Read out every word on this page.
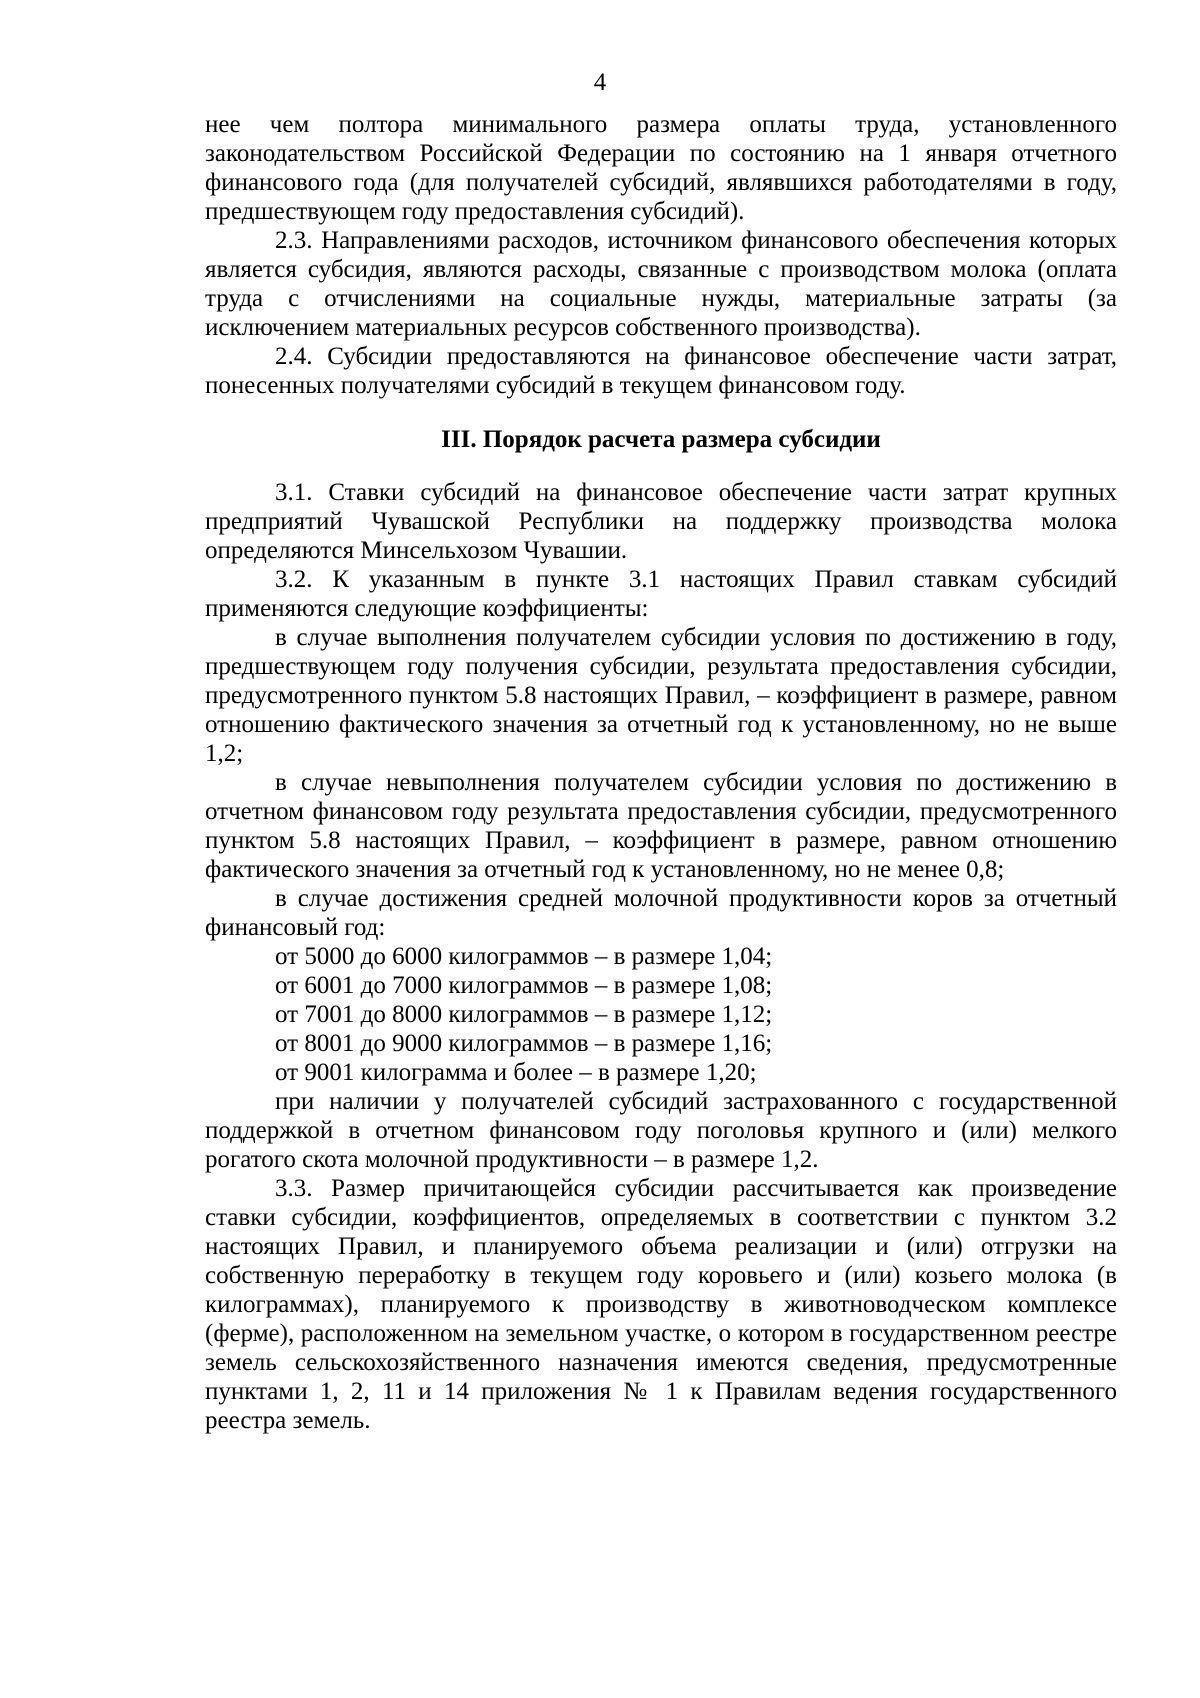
4

нее чем полтора минимального размера оплаты труда, установленного законодательством Российской Федерации по состоянию на 1 января отчетного финансового года (для получателей субсидий, являвшихся работодателями в году, предшествующем году предоставления субсидий).

2.3. Направлениями расходов, источником финансового обеспечения которых является субсидия, являются расходы, связанные с производством молока (оплата труда с отчислениями на социальные нужды, материальные затраты (за исключением материальных ресурсов собственного производства).

2.4. Субсидии предоставляются на финансовое обеспечение части затрат, понесенных получателями субсидий в текущем финансовом году.

III. Порядок расчета размера субсидии

3.1. Ставки субсидий на финансовое обеспечение части затрат крупных предприятий Чувашской Республики на поддержку производства молока определяются Минсельхозом Чувашии.

3.2. К указанным в пункте 3.1 настоящих Правил ставкам субсидий применяются следующие коэффициенты:

в случае выполнения получателем субсидии условия по достижению в году, предшествующем году получения субсидии, результата предоставления субсидии, предусмотренного пунктом 5.8 настоящих Правил, – коэффициент в размере, равном отношению фактического значения за отчетный год к установленному, но не выше 1,2;

в случае невыполнения получателем субсидии условия по достижению в отчетном финансовом году результата предоставления субсидии, предусмотренного пунктом 5.8 настоящих Правил, – коэффициент в размере, равном отношению фактического значения за отчетный год к установленному, но не менее 0,8;

в случае достижения средней молочной продуктивности коров за отчетный финансовый год:

от 5000 до 6000 килограммов – в размере 1,04;

от 6001 до 7000 килограммов – в размере 1,08;

от 7001 до 8000 килограммов – в размере 1,12;

от 8001 до 9000 килограммов – в размере 1,16;

от 9001 килограмма и более – в размере 1,20;

при наличии у получателей субсидий застрахованного с государственной поддержкой в отчетном финансовом году поголовья крупного и (или) мелкого рогатого скота молочной продуктивности – в размере 1,2.

3.3. Размер причитающейся субсидии рассчитывается как произведение ставки субсидии, коэффициентов, определяемых в соответствии с пунктом 3.2 настоящих Правил, и планируемого объема реализации и (или) отгрузки на собственную переработку в текущем году коровьего и (или) козьего молока (в килограммах), планируемого к производству в животноводческом комплексе (ферме), расположенном на земельном участке, о котором в государственном реестре земель сельскохозяйственного назначения имеются сведения, предусмотренные пунктами 1, 2, 11 и 14 приложения № 1 к Правилам ведения государственного реестра земель.
